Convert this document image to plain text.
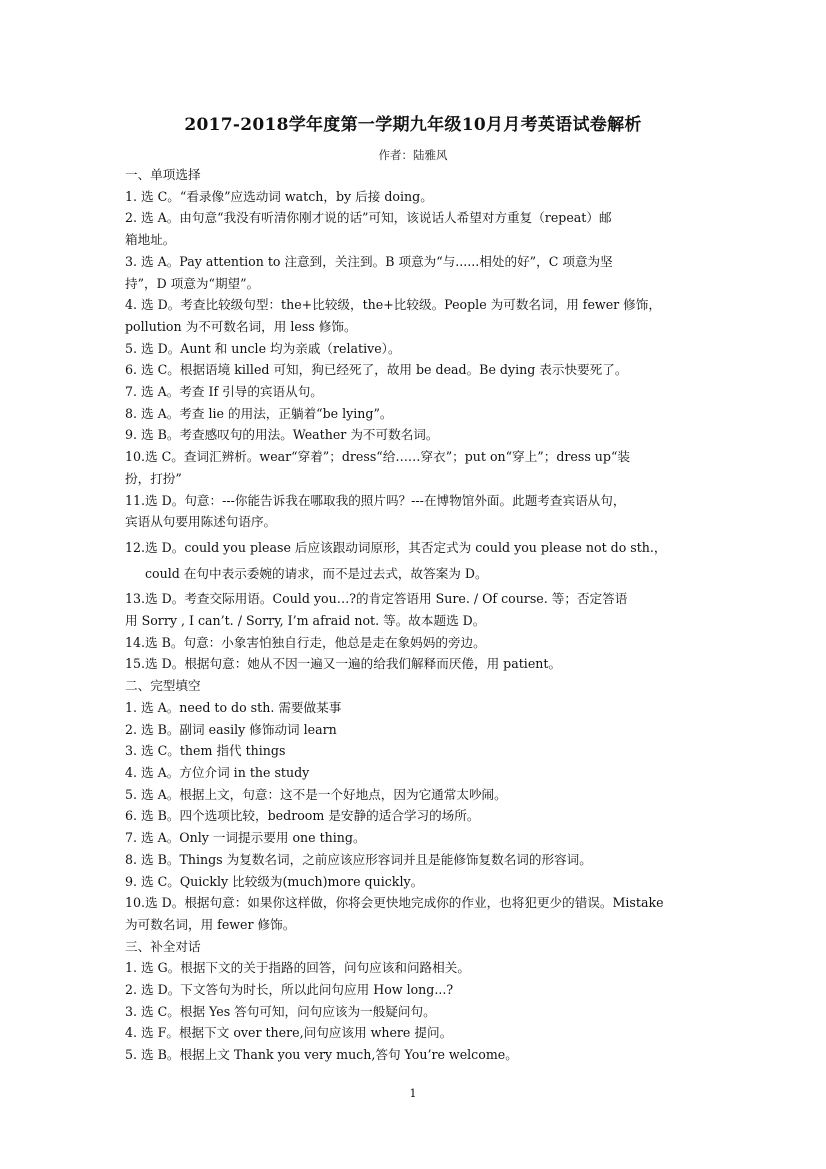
2017-2018学年度第一学期九年级10月月考英语试卷解析
作者：陆雅风
一、单项选择
1. 选 C。“看录像”应选动词 watch，by 后接 doing。
2. 选 A。由句意“我没有听清你刚才说的话”可知，该说话人希望对方重复（repeat）邮
箱地址。
3. 选 A。Pay attention to 注意到，关注到。B 项意为“与......相处的好”，C 项意为坚
持”，D 项意为“期望”。
4. 选 D。考查比较级句型：the+比较级，the+比较级。People 为可数名词，用 fewer 修饰，
pollution 为不可数名词，用 less 修饰。
5. 选 D。Aunt 和 uncle 均为亲戚（relative）。
6. 选 C。根据语境 killed 可知，狗已经死了，故用 be dead。Be dying 表示快要死了。
7. 选 A。考查 If 引导的宾语从句。
8. 选 A。考查 lie 的用法，正躺着“be lying”。
9. 选 B。考查感叹句的用法。Weather 为不可数名词。
10.选 C。查词汇辨析。wear“穿着”；dress“给……穿衣”；put on“穿上”；dress up“装
扮，打扮”
11.选 D。句意：---你能告诉我在哪取我的照片吗？---在博物馆外面。此题考查宾语从句，
宾语从句要用陈述句语序。
12.选 D。could you please 后应该跟动词原形，其否定式为 could you please not do sth.，
could 在句中表示委婉的请求，而不是过去式，故答案为 D。
13.选 D。考查交际用语。Could you…?的肯定答语用 Sure. / Of course. 等；否定答语
用 Sorry , I can’t. / Sorry, I’m afraid not. 等。故本题选 D。
14.选 B。句意：小象害怕独自行走，他总是走在象妈妈的旁边。
15.选 D。根据句意：她从不因一遍又一遍的给我们解释而厌倦，用 patient。
二、完型填空
1. 选 A。need to do sth. 需要做某事
2. 选 B。副词 easily 修饰动词 learn
3. 选 C。them 指代 things
4. 选 A。方位介词 in the study
5. 选 A。根据上文，句意：这不是一个好地点，因为它通常太吵闹。
6. 选 B。四个选项比较，bedroom 是安静的适合学习的场所。
7. 选 A。Only 一词提示要用 one thing。
8. 选 B。Things 为复数名词，之前应该应形容词并且是能修饰复数名词的形容词。
9. 选 C。Quickly 比较级为(much)more quickly。
10.选 D。根据句意：如果你这样做，你将会更快地完成你的作业，也将犯更少的错误。Mistake
为可数名词，用 fewer 修饰。
三、补全对话
1. 选 G。根据下文的关于指路的回答，问句应该和问路相关。
2. 选 D。下文答句为时长，所以此问句应用 How long...?
3. 选 C。根据 Yes 答句可知，问句应该为一般疑问句。
4. 选 F。根据下文 over there,问句应该用 where 提问。
5. 选 B。根据上文 Thank you very much,答句 You’re welcome。
1
